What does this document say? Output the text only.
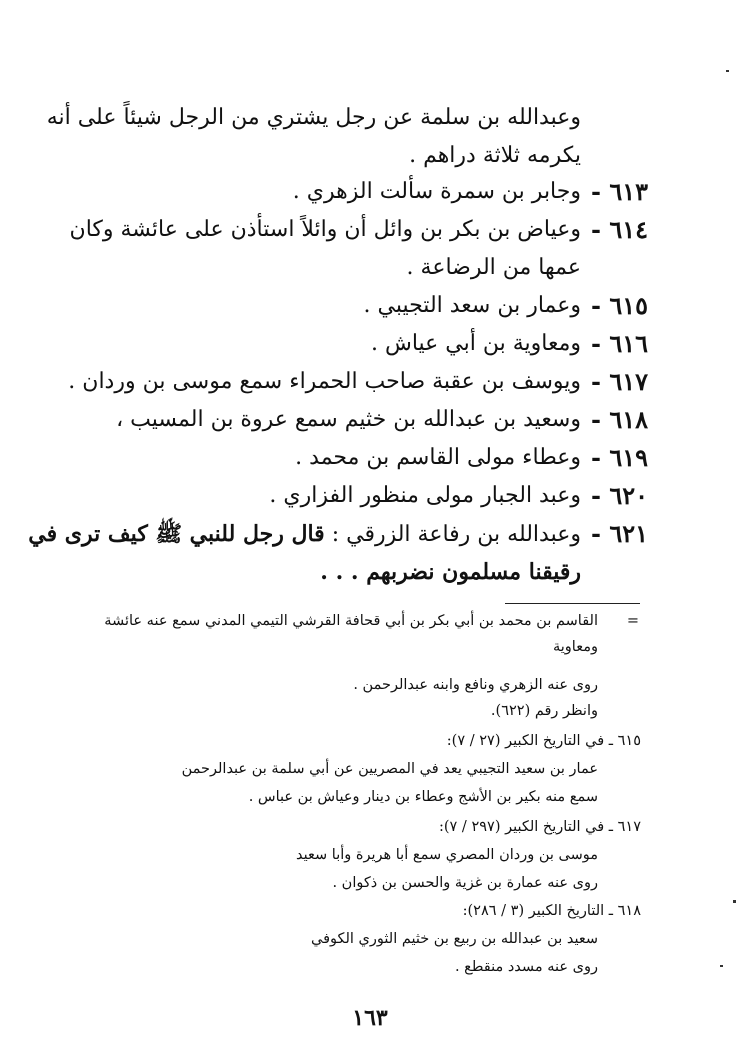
وعبدالله بن سلمة عن رجل يشتري من الرجل شيئاً على أنه
يكرمه ثلاثة دراهم .
٦١٣ -
وجابر بن سمرة سألت الزهري .
٦١٤ -
وعياض بن بكر بن وائل أن وائلاً استأذن على عائشة وكان
عمها من الرضاعة .
٦١٥ -
وعمار بن سعد التجيبي .
٦١٦ -
ومعاوية بن أبي عياش .
٦١٧ -
ويوسف بن عقبة صاحب الحمراء سمع موسى بن وردان .
٦١٨ -
وسعيد بن عبدالله بن خثيم سمع عروة بن المسيب ،
٦١٩ -
وعطاء مولى القاسم بن محمد .
٦٢٠ -
وعبد الجبار مولى منظور الفزاري .
٦٢١ -
وعبدالله بن رفاعة الزرقي : قال رجل للنبي ﷺ كيف ترى في
رقيقنا مسلمون نضربهم . . .
=
القاسم بن محمد بن أبي بكر بن أبي قحافة القرشي التيمي المدني سمع عنه عائشة
ومعاوية
روى عنه الزهري ونافع وابنه عبدالرحمن .
وانظر رقم (٦٢٢).
٦١٥ ـ في التاريخ الكبير (٢٧ / ٧):
عمار بن سعيد التجيبي يعد في المصريين عن أبي سلمة بن عبدالرحمن
سمع منه بكير بن الأشج وعطاء بن دينار وعياش بن عباس .
٦١٧ ـ في التاريخ الكبير (٢٩٧ / ٧):
موسى بن وردان المصري سمع أبا هريرة وأبا سعيد
روى عنه عمارة بن غزية والحسن بن ذكوان .
٦١٨ ـ التاريخ الكبير (٣ / ٢٨٦):
سعيد بن عبدالله بن ربيع بن خثيم الثوري الكوفي
روى عنه مسدد منقطع .
١٦٣
